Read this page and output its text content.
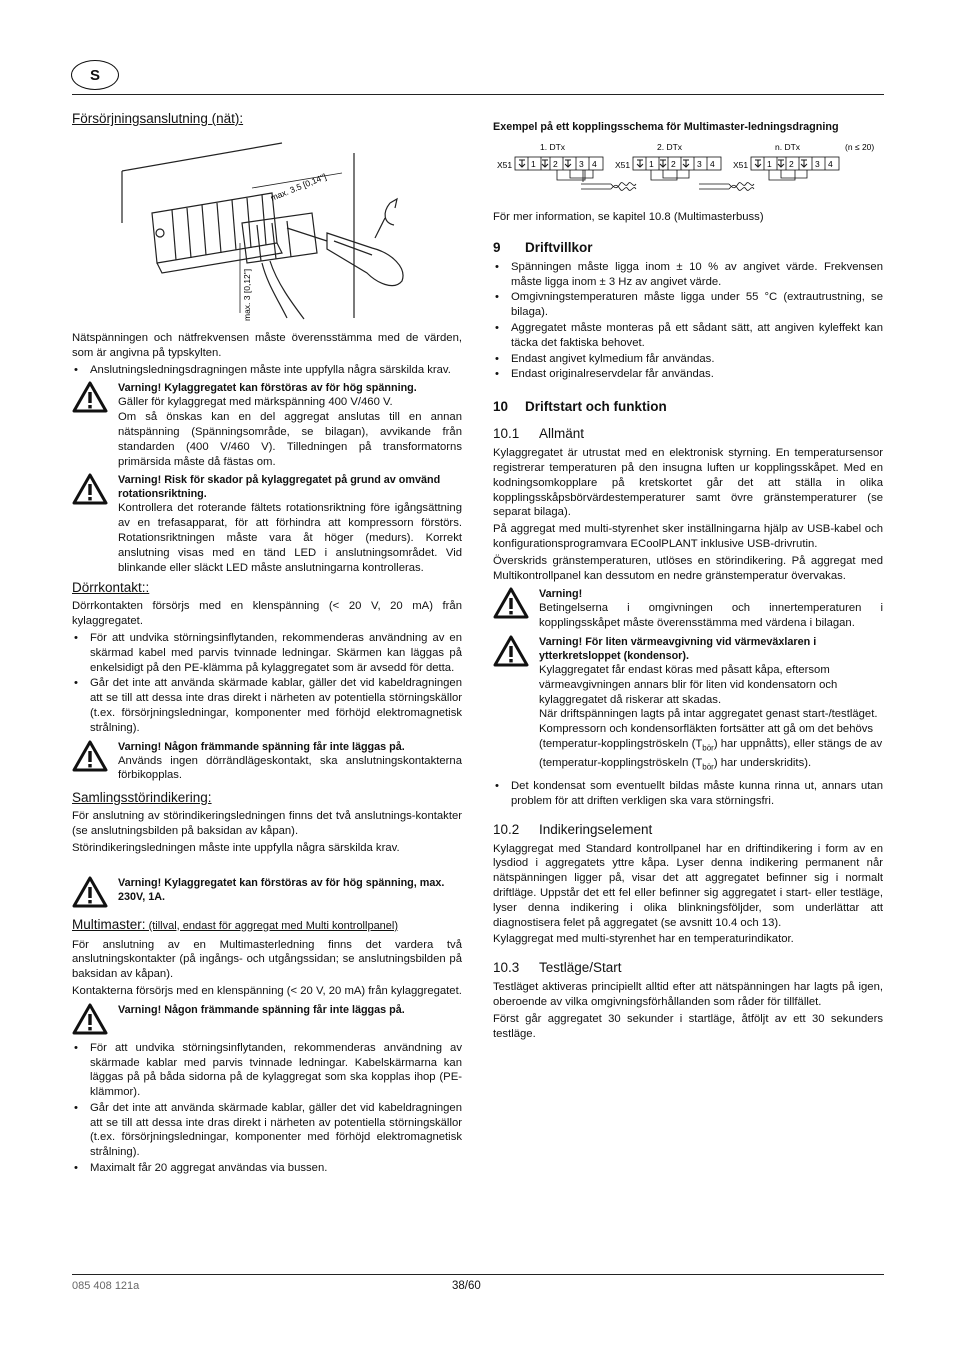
S
Försörjningsanslutning (nät):
max. 3.5 [0,14"]
max. 3 [0,12"]

Nätspänningen och nätfrekvensen måste överensstämma med de värden, som är angivna på typskylten.

• Anslutningsledningsdragningen måste inte uppfylla några särskilda krav.

Varning! Kylaggregatet kan förstöras av för hög spänning.

Gäller för kylaggregat med märkspänning 400 V/460 V.

Om så önskas kan en del aggregat anslutas till en annan nätspänning (Spänningsområde, se bilagan), avvikande från standarden (400 V/460 V). Tilledningen på transformatorns primärsida måste då fästas om.

Varning! Risk för skador på kylaggregatet på grund av omvänd rotationsriktning.

Kontrollera det roterande fältets rotationsriktning före igångsättning av en trefasapparat, för att förhindra att kompressorn förstörs. Rotationsriktningen måste vara åt höger (medurs). Korrekt anslutning visas med en tänd LED i anslutningsområdet. Vid blinkande eller släckt LED måste anslutningarna kontrolleras.

Dörrkontakt::

Dörrkontakten försörjs med en klenspänning (< 20 V, 20 mA) från kylaggregatet.

• För att undvika störningsinflytanden, rekommenderas användning av en skärmad kabel med parvis tvinnade ledningar. Skärmen kan läggas på enkelsidigt på den PE-klämma på kylaggregatet som är avsedd för detta.
• Går det inte att använda skärmade kablar, gäller det vid kabeldragningen att se till att dessa inte dras direkt i närheten av potentiella störningskällor (t.ex. försörjningsledningar, komponenter med förhöjd elektromagnetisk strålning).

Varning! Någon främmande spänning får inte läggas på.

Används ingen dörrändlägeskontakt, ska anslutningskontakterna förbikopplas.

Samlingsstörindikering:

För anslutning av störindikeringsledningen finns det två anslutnings-kontakter (se anslutningsbilden på baksidan av kåpan).

Störindikeringsledningen måste inte uppfylla några särskilda krav.

Varning! Kylaggregatet kan förstöras av för hög spänning, max. 230V, 1A.

Multimaster: (tillval, endast för aggregat med Multi kontrollpanel)

För anslutning av en Multimasterledning finns det vardera två anslutningskontakter (på ingångs- och utgångssidan; se anslutningsbilden på baksidan av kåpan).

Kontakterna försörjs med en klenspänning (< 20 V, 20 mA) från kylaggregatet.

Varning! Någon främmande spänning får inte läggas på.

• För att undvika störningsinflytanden, rekommenderas användning av skärmade kablar med parvis tvinnade ledningar. Kabelskärmarna kan läggas på på båda sidorna på de kylaggregat som ska kopplas ihop (PE-klämmor).
• Går det inte att använda skärmade kablar, gäller det vid kabeldragningen att se till att dessa inte dras direkt i närheten av potentiella störningskällor (t.ex. försörjningsledningar, komponenter med förhöjd elektromagnetisk strålning).
• Maximalt får 20 aggregat användas via bussen.

Exempel på ett kopplingsschema för Multimaster-ledningsdragning

1. DTx	2. DTx	n. DTx	(n ≤ 20)
X51 1 2	3 4 X51 1 2	3 4 X51 1 2	3 4

För mer information, se kapitel 10.8 (Multimasterbuss)

9 Driftvillkor
• Spänningen måste ligga inom ± 10 % av angivet värde. Frekvensen måste ligga inom ± 3 Hz av angivet värde.
• Omgivningstemperaturen måste ligga under 55 °C (extrautrustning, se bilaga).
• Aggregatet måste monteras på ett sådant sätt, att angiven kyleffekt kan täcka det faktiska behovet.
• Endast angivet kylmedium får användas.
• Endast originalreservdelar får användas.
10 Driftstart och funktion
10.1 Allmänt

Kylaggregatet är utrustat med en elektronisk styrning. En temperatursensor registrerar temperaturen på den insugna luften ur kopplingsskåpet. Med en kodningsomkopplare på kretskortet går det att ställa in olika kopplingsskåpsbörvärdestemperaturer samt övre gränstemperaturer (se separat bilaga).

På aggregat med multi-styrenhet sker inställningarna hjälp av USB-kabel och konfigurationsprogramvara ECoolPLANT inklusive USB-drivrutin.

Överskrids gränstemperaturen, utlöses en störindikering. På aggregat med Multikontrollpanel kan dessutom en nedre gränstemperatur övervakas.

Varning!

Betingelserna i omgivningen och innertemperaturen i kopplingsskåpet måste överensstämma med värdena i bilagan.

Varning! För liten värmeavgivning vid värmeväxlaren i ytterkretsloppet (kondensor).

Kylaggregatet får endast köras med påsatt kåpa, eftersom värmeavgivningen annars blir för liten vid kondensatorn och kylaggregatet då riskerar att skadas.

När driftspänningen lagts på intar aggregatet genast start-/testläget. Kompressorn och kondensorfläkten fortsätter att gå om det behövs (temperatur-kopplingströskeln $(T_{bör})$ har uppnåtts), eller stängs de av (temperatur-kopplingströskeln $(T_{bör})$ har underskridits).

• Det kondensat som eventuellt bildas måste kunna rinna ut, annars utan problem för att driften verkligen ska vara störningsfri.
10.2 Indikeringselement

Kylaggregat med Standard kontrollpanel har en driftindikering i form av en lysdiod i aggregatets yttre kåpa. Lyser denna indikering permanent når nätspänningen ligger på, visar det att aggregatet befinner sig i normalt driftläge. Uppstår det ett fel eller befinner sig aggregatet i start- eller testläge, lyser denna indikering i olika blinkningsföljder, som underlättar att diagnostisera felet på aggregatet (se avsnitt 10.4 och 13).

Kylaggregat med multi-styrenhet har en temperaturindikator.

10.3 Testläge/Start

Testläget aktiveras principiellt alltid efter att nätspänningen har lagts på igen, oberoende av vilka omgivningsförhållanden som råder för tillfället.

Först går aggregatet 30 sekunder i startläge, åtföljt av ett 30 sekunders testläge.

085 408 121a	38/60
